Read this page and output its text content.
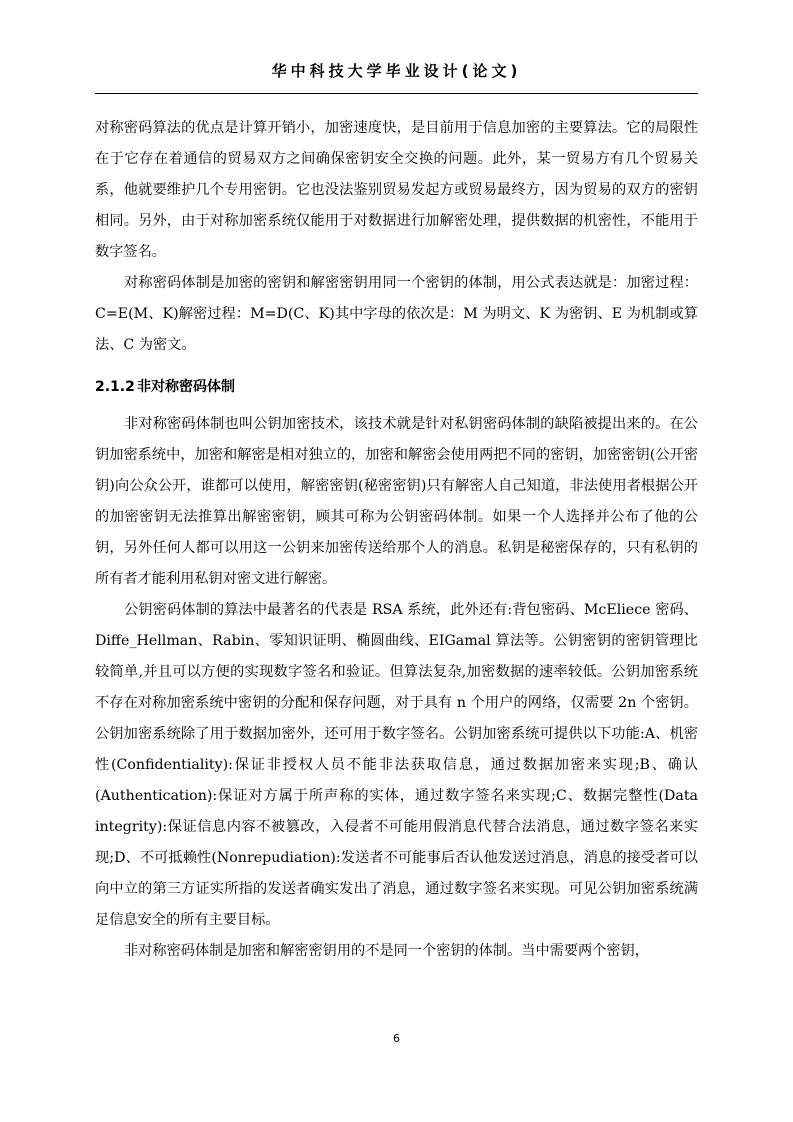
华中科技大学毕业设计(论文)

对称密码算法的优点是计算开销小，加密速度快，是目前用于信息加密的主要算法。它的局限性在于它存在着通信的贸易双方之间确保密钥安全交换的问题。此外，某一贸易方有几个贸易关系，他就要维护几个专用密钥。它也没法鉴别贸易发起方或贸易最终方，因为贸易的双方的密钥相同。另外，由于对称加密系统仅能用于对数据进行加解密处理，提供数据的机密性，不能用于数字签名。

对称密码体制是加密的密钥和解密密钥用同一个密钥的体制，用公式表达就是：加密过程：C=E(M、K)解密过程：M=D(C、K)其中字母的依次是：M 为明文、K 为密钥、E 为机制或算法、C 为密文。

2.1.2 非对称密码体制

非对称密码体制也叫公钥加密技术，该技术就是针对私钥密码体制的缺陷被提出来的。在公钥加密系统中，加密和解密是相对独立的，加密和解密会使用两把不同的密钥，加密密钥(公开密钥)向公众公开，谁都可以使用，解密密钥(秘密密钥)只有解密人自己知道，非法使用者根据公开的加密密钥无法推算出解密密钥，顾其可称为公钥密码体制。如果一个人选择并公布了他的公钥，另外任何人都可以用这一公钥来加密传送给那个人的消息。私钥是秘密保存的，只有私钥的所有者才能利用私钥对密文进行解密。

公钥密码体制的算法中最著名的代表是 RSA 系统，此外还有:背包密码、McEliece 密码、Diffe_Hellman、Rabin、零知识证明、椭圆曲线、EIGamal 算法等。公钥密钥的密钥管理比较简单,并且可以方便的实现数字签名和验证。但算法复杂,加密数据的速率较低。公钥加密系统不存在对称加密系统中密钥的分配和保存问题，对于具有 n 个用户的网络，仅需要 2n 个密钥。公钥加密系统除了用于数据加密外，还可用于数字签名。公钥加密系统可提供以下功能:A、机密性(Confidentiality):保证非授权人员不能非法获取信息，通过数据加密来实现;B、确认(Authentication):保证对方属于所声称的实体，通过数字签名来实现;C、数据完整性(Data integrity):保证信息内容不被篡改，入侵者不可能用假消息代替合法消息，通过数字签名来实现;D、不可抵赖性(Nonrepudiation):发送者不可能事后否认他发送过消息，消息的接受者可以向中立的第三方证实所指的发送者确实发出了消息，通过数字签名来实现。可见公钥加密系统满足信息安全的所有主要目标。

非对称密码体制是加密和解密密钥用的不是同一个密钥的体制。当中需要两个密钥，

6
